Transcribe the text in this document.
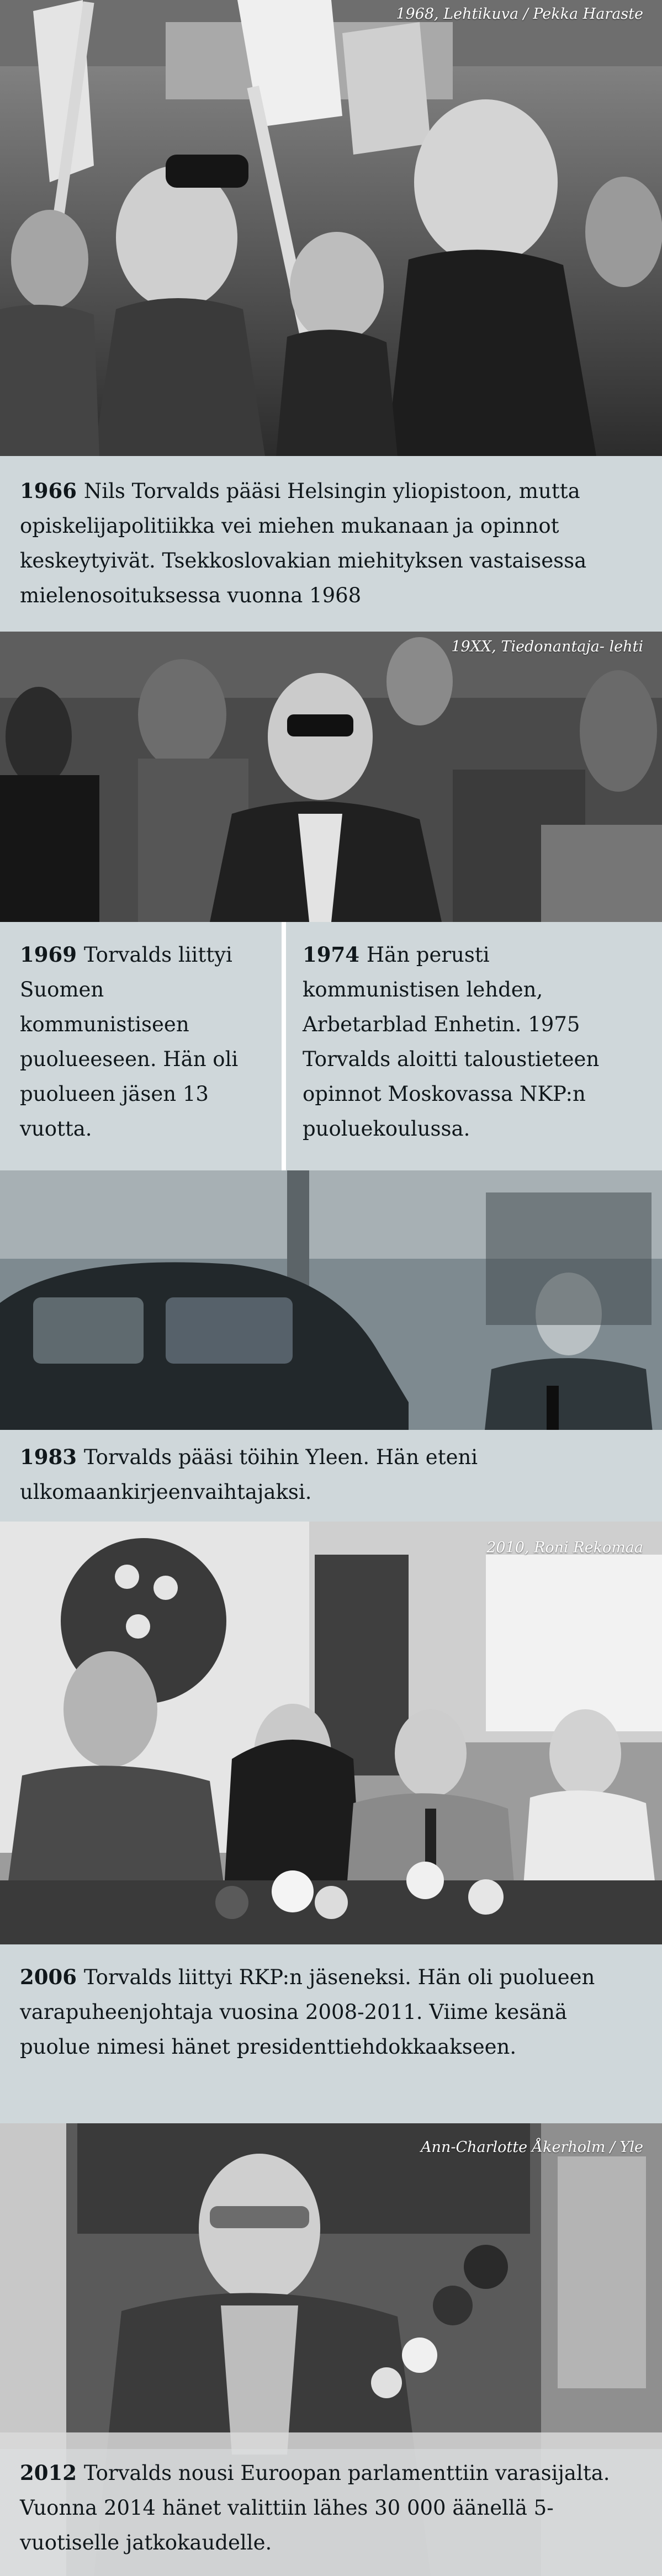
1968, Lehtikuva / Pekka Haraste
1966 Nils Torvalds pääsi Helsingin yliopistoon, mutta opiskelijapolitiikka vei miehen mukanaan ja opinnot keskeytyivät. Tsekkoslovakian miehityksen vastaisessa mielenosoituksessa vuonna 1968
19XX, Tiedonantaja- lehti
1969 Torvalds liittyi Suomen kommunistiseen puolueeseen. Hän oli puolueen jäsen 13 vuotta.
1974 Hän perusti kommunistisen lehden, Arbetarblad Enhetin. 1975 Torvalds aloitti taloustieteen opinnot Moskovassa NKP:n puoluekoulussa.
1983 Torvalds pääsi töihin Yleen. Hän eteni ulkomaankirjeenvaihtajaksi.
2010, Roni Rekomaa
2006 Torvalds liittyi RKP:n jäseneksi. Hän oli puolueen varapuheenjohtaja vuosina 2008-2011. Viime kesänä puolue nimesi hänet presidenttiehdokkaakseen.
Ann-Charlotte Åkerholm / Yle
2012 Torvalds nousi Euroopan parlamenttiin varasijalta. Vuonna 2014 hänet valittiin lähes 30 000 äänellä 5-vuotiselle jatkokaudelle.
